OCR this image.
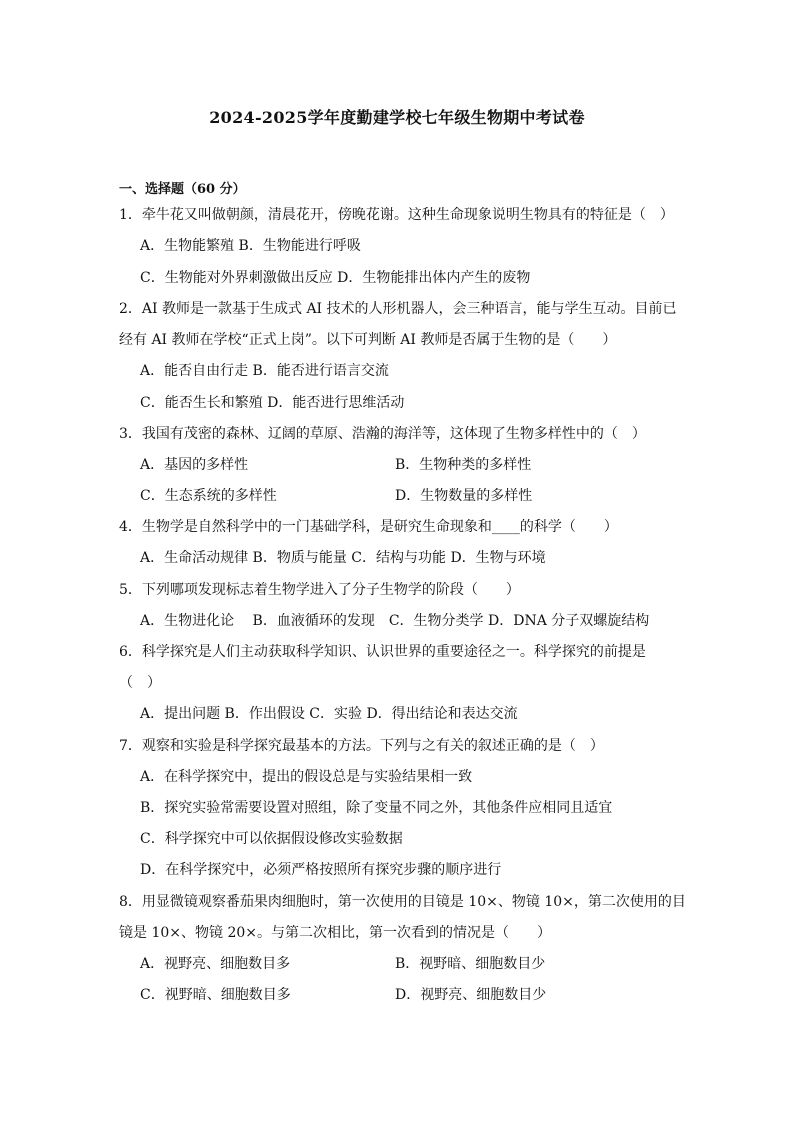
2024-2025学年度勤建学校七年级生物期中考试卷
一、选择题（60 分）
1．牵牛花又叫做朝颜，清晨花开，傍晚花谢。这种生命现象说明生物具有的特征是（　）
A．生物能繁殖 B．生物能进行呼吸
C．生物能对外界刺激做出反应 D．生物能排出体内产生的废物
2．AI 教师是一款基于生成式 AI 技术的人形机器人，会三种语言，能与学生互动。目前已
经有 AI 教师在学校“正式上岗”。以下可判断 AI 教师是否属于生物的是（　　）
A．能否自由行走 B．能否进行语言交流
C．能否生长和繁殖 D．能否进行思维活动
3．我国有茂密的森林、辽阔的草原、浩瀚的海洋等，这体现了生物多样性中的（　）
A．基因的多样性	B．生物种类的多样性
C．生态系统的多样性	D．生物数量的多样性
4．生物学是自然科学中的一门基础学科，是研究生命现象和____的科学（　　）
A．生命活动规律 B．物质与能量 C．结构与功能 D．生物与环境
5．下列哪项发现标志着生物学进入了分子生物学的阶段（　　）
A．生物进化论　 B．血液循环的发现　C．生物分类学 D．DNA 分子双螺旋结构
6．科学探究是人们主动获取科学知识、认识世界的重要途径之一。科学探究的前提是
（　）
A．提出问题 B．作出假设 C．实验 D．得出结论和表达交流
7．观察和实验是科学探究最基本的方法。下列与之有关的叙述正确的是（　）
A．在科学探究中，提出的假设总是与实验结果相一致
B．探究实验常需要设置对照组，除了变量不同之外，其他条件应相同且适宜
C．科学探究中可以依据假设修改实验数据
D．在科学探究中，必须严格按照所有探究步骤的顺序进行
8．用显微镜观察番茄果肉细胞时，第一次使用的目镜是 10×、物镜 10×，第二次使用的目
镜是 10×、物镜 20×。与第二次相比，第一次看到的情况是（　　）
A．视野亮、细胞数目多	B．视野暗、细胞数目少
C．视野暗、细胞数目多	D．视野亮、细胞数目少
